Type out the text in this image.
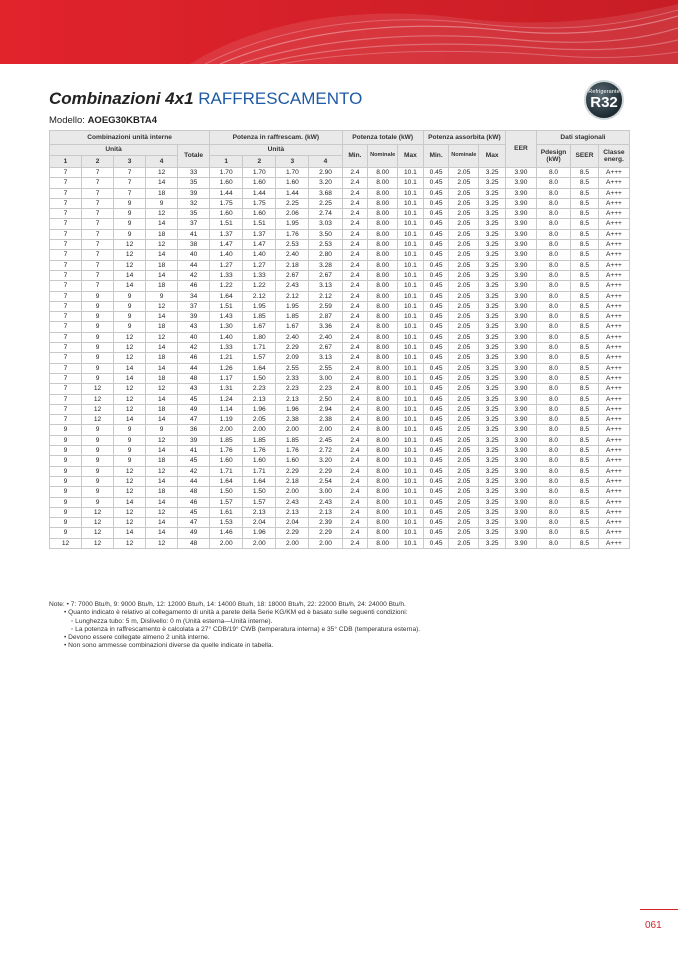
Combinazioni 4x1 RAFFRESCAMENTO
Modello: AOEG30KBTA4
Refrigerante
R32
Combinazioni unità interne					Potenza in raffrescam. (kW)				Potenza totale (kW)			Potenza assorbita (kW)			EER	Dati stagionali		
Unità				Totale	Unità				Min.	Nominale	Max	Min.	Nominale	Max		Pdesign (kW)	SEER	Classe energ.
1	2	3	4		1	2	3	4										
7	7	7	12	33	1.70	1.70	1.70	2.90	2.4	8.00	10.1	0.45	2.05	3.25	3.90	8.0	8.5	A+++
7	7	7	14	35	1.60	1.60	1.60	3.20	2.4	8.00	10.1	0.45	2.05	3.25	3.90	8.0	8.5	A+++
7	7	7	18	39	1.44	1.44	1.44	3.68	2.4	8.00	10.1	0.45	2.05	3.25	3.90	8.0	8.5	A+++
7	7	9	9	32	1.75	1.75	2.25	2.25	2.4	8.00	10.1	0.45	2.05	3.25	3.90	8.0	8.5	A+++
7	7	9	12	35	1.60	1.60	2.06	2.74	2.4	8.00	10.1	0.45	2.05	3.25	3.90	8.0	8.5	A+++
7	7	9	14	37	1.51	1.51	1.95	3.03	2.4	8.00	10.1	0.45	2.05	3.25	3.90	8.0	8.5	A+++
7	7	9	18	41	1.37	1.37	1.76	3.50	2.4	8.00	10.1	0.45	2.05	3.25	3.90	8.0	8.5	A+++
7	7	12	12	38	1.47	1.47	2.53	2.53	2.4	8.00	10.1	0.45	2.05	3.25	3.90	8.0	8.5	A+++
7	7	12	14	40	1.40	1.40	2.40	2.80	2.4	8.00	10.1	0.45	2.05	3.25	3.90	8.0	8.5	A+++
7	7	12	18	44	1.27	1.27	2.18	3.28	2.4	8.00	10.1	0.45	2.05	3.25	3.90	8.0	8.5	A+++
7	7	14	14	42	1.33	1.33	2.67	2.67	2.4	8.00	10.1	0.45	2.05	3.25	3.90	8.0	8.5	A+++
7	7	14	18	46	1.22	1.22	2.43	3.13	2.4	8.00	10.1	0.45	2.05	3.25	3.90	8.0	8.5	A+++
7	9	9	9	34	1.64	2.12	2.12	2.12	2.4	8.00	10.1	0.45	2.05	3.25	3.90	8.0	8.5	A+++
7	9	9	12	37	1.51	1.95	1.95	2.59	2.4	8.00	10.1	0.45	2.05	3.25	3.90	8.0	8.5	A+++
7	9	9	14	39	1.43	1.85	1.85	2.87	2.4	8.00	10.1	0.45	2.05	3.25	3.90	8.0	8.5	A+++
7	9	9	18	43	1.30	1.67	1.67	3.36	2.4	8.00	10.1	0.45	2.05	3.25	3.90	8.0	8.5	A+++
7	9	12	12	40	1.40	1.80	2.40	2.40	2.4	8.00	10.1	0.45	2.05	3.25	3.90	8.0	8.5	A+++
7	9	12	14	42	1.33	1.71	2.29	2.67	2.4	8.00	10.1	0.45	2.05	3.25	3.90	8.0	8.5	A+++
7	9	12	18	46	1.21	1.57	2.09	3.13	2.4	8.00	10.1	0.45	2.05	3.25	3.90	8.0	8.5	A+++
7	9	14	14	44	1.26	1.64	2.55	2.55	2.4	8.00	10.1	0.45	2.05	3.25	3.90	8.0	8.5	A+++
7	9	14	18	48	1.17	1.50	2.33	3.00	2.4	8.00	10.1	0.45	2.05	3.25	3.90	8.0	8.5	A+++
7	12	12	12	43	1.31	2.23	2.23	2.23	2.4	8.00	10.1	0.45	2.05	3.25	3.90	8.0	8.5	A+++
7	12	12	14	45	1.24	2.13	2.13	2.50	2.4	8.00	10.1	0.45	2.05	3.25	3.90	8.0	8.5	A+++
7	12	12	18	49	1.14	1.96	1.96	2.94	2.4	8.00	10.1	0.45	2.05	3.25	3.90	8.0	8.5	A+++
7	12	14	14	47	1.19	2.05	2.38	2.38	2.4	8.00	10.1	0.45	2.05	3.25	3.90	8.0	8.5	A+++
9	9	9	9	36	2.00	2.00	2.00	2.00	2.4	8.00	10.1	0.45	2.05	3.25	3.90	8.0	8.5	A+++
9	9	9	12	39	1.85	1.85	1.85	2.45	2.4	8.00	10.1	0.45	2.05	3.25	3.90	8.0	8.5	A+++
9	9	9	14	41	1.76	1.76	1.76	2.72	2.4	8.00	10.1	0.45	2.05	3.25	3.90	8.0	8.5	A+++
9	9	9	18	45	1.60	1.60	1.60	3.20	2.4	8.00	10.1	0.45	2.05	3.25	3.90	8.0	8.5	A+++
9	9	12	12	42	1.71	1.71	2.29	2.29	2.4	8.00	10.1	0.45	2.05	3.25	3.90	8.0	8.5	A+++
9	9	12	14	44	1.64	1.64	2.18	2.54	2.4	8.00	10.1	0.45	2.05	3.25	3.90	8.0	8.5	A+++
9	9	12	18	48	1.50	1.50	2.00	3.00	2.4	8.00	10.1	0.45	2.05	3.25	3.90	8.0	8.5	A+++
9	9	14	14	46	1.57	1.57	2.43	2.43	2.4	8.00	10.1	0.45	2.05	3.25	3.90	8.0	8.5	A+++
9	12	12	12	45	1.61	2.13	2.13	2.13	2.4	8.00	10.1	0.45	2.05	3.25	3.90	8.0	8.5	A+++
9	12	12	14	47	1.53	2.04	2.04	2.39	2.4	8.00	10.1	0.45	2.05	3.25	3.90	8.0	8.5	A+++
9	12	14	14	49	1.46	1.96	2.29	2.29	2.4	8.00	10.1	0.45	2.05	3.25	3.90	8.0	8.5	A+++
12	12	12	12	48	2.00	2.00	2.00	2.00	2.4	8.00	10.1	0.45	2.05	3.25	3.90	8.0	8.5	A+++
Note: • 7: 7000 Btu/h, 9: 9000 Btu/h, 12: 12000 Btu/h, 14: 14000 Btu/h, 18: 18000 Btu/h, 22: 22000 Btu/h, 24: 24000 Btu/h.
• Quanto indicato è relativo al collegamento di unità a parete della Serie KG/KM ed è basato sulle seguenti condizioni:
◦ Lunghezza tubo: 5 m, Dislivello: 0 m (Unità esterna—Unità interne).
◦ La potenza in raffrescamento è calcolata a 27° CDB/19° CWB (temperatura interna) e 35° CDB (temperatura esterna).
• Devono essere collegate almeno 2 unità interne.
• Non sono ammesse combinazioni diverse da quelle indicate in tabella.
061
